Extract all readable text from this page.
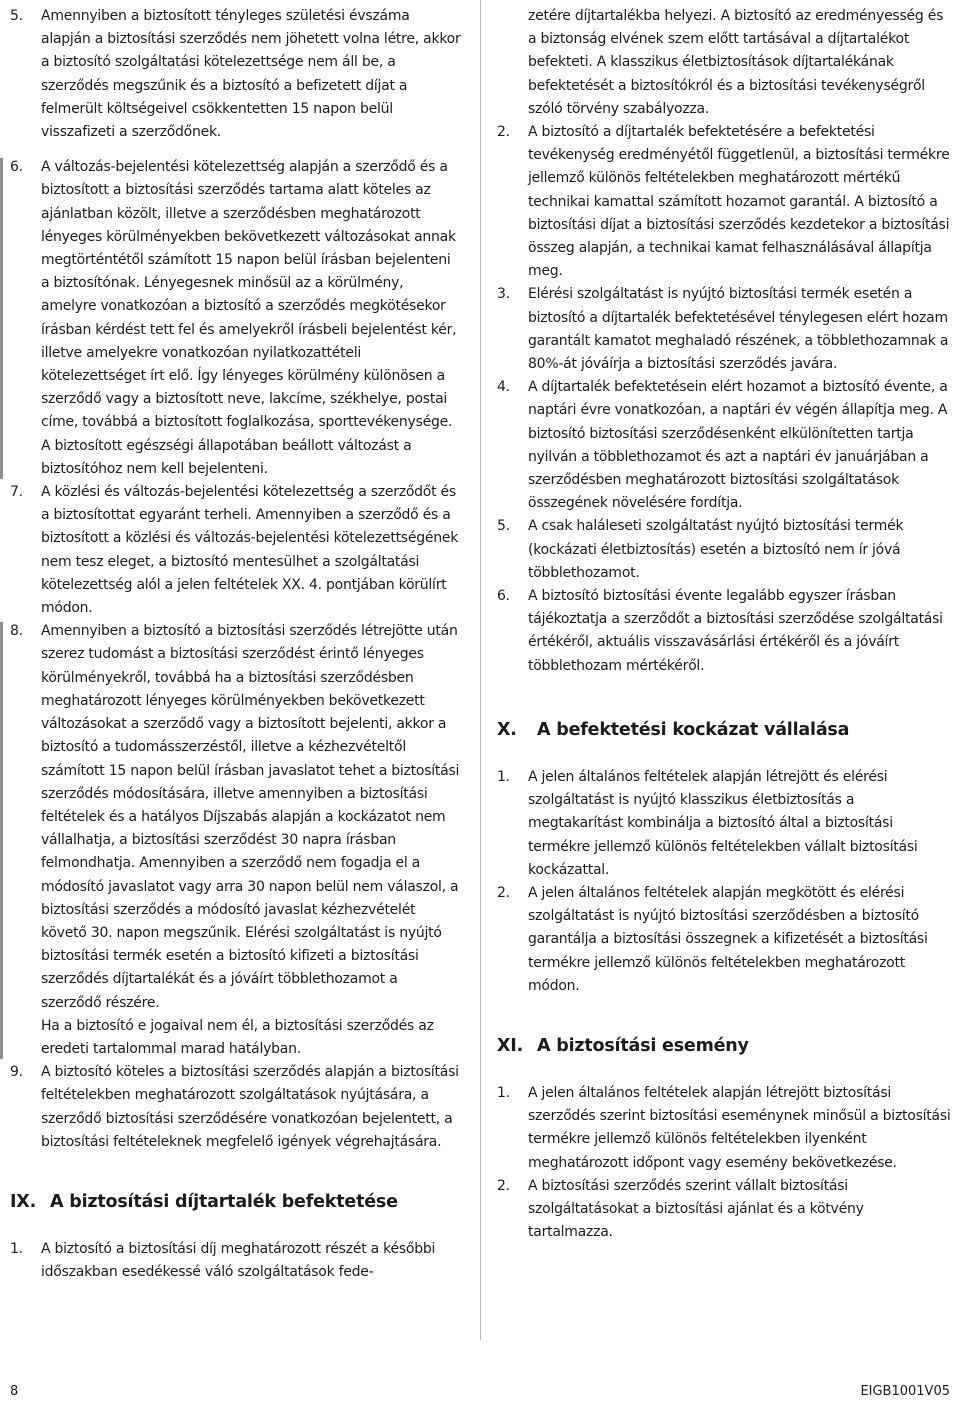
5. Amennyiben a biztosított tényleges születési évszáma alapján a biztosítási szerződés nem jöhetett volna létre, akkor a biztosító szolgáltatási kötelezettsége nem áll be, a szerződés megszűnik és a biztosító a befizetett díjat a felmerült költségeivel csökkentetten 15 napon belül visszafizeti a szerződőnek.

6. A változás-bejelentési kötelezettség alapján a szerződő és a biztosított a biztosítási szerződés tartama alatt köteles az ajánlatban közölt, illetve a szerződésben meghatározott lényeges körülményekben bekövetkezett változásokat annak megtörténtétől számított 15 napon belül írásban bejelenteni a biztosítónak. Lényegesnek minősül az a körülmény, amelyre vonatkozóan a biztosító a szerződés megkötésekor írásban kérdést tett fel és amelyekről írásbeli bejelentést kér, illetve amelyekre vonatkozóan nyilatkozattételi kötelezettséget írt elő. Így lényeges körülmény különösen a szerződő vagy a biztosított neve, lakcíme, székhelye, postai címe, továbbá a biztosított foglalkozása, sporttevékenysége. A biztosított egészségi állapotában beállott változást a biztosítóhoz nem kell bejelenteni.

7. A közlési és változás-bejelentési kötelezettség a szerződőt és a biztosítottat egyaránt terheli. Amennyiben a szerződő és a biztosított a közlési és változás-bejelentési kötelezettségének nem tesz eleget, a biztosító mentesülhet a szolgáltatási kötelezettség alól a jelen feltételek XX. 4. pontjában körülírt módon.

8. Amennyiben a biztosító a biztosítási szerződés létrejötte után szerez tudomást a biztosítási szerződést érintő lényeges körülményekről, továbbá ha a biztosítási szerződésben meghatározott lényeges körülményekben bekövetkezett változásokat a szerződő vagy a biztosított bejelenti, akkor a biztosító a tudomásszerzéstől, illetve a kézhezvételtől számított 15 napon belül írásban javaslatot tehet a biztosítási szerződés módosítására, illetve amennyiben a biztosítási feltételek és a hatályos Díjszabás alapján a kockázatot nem vállalhatja, a biztosítási szerződést 30 napra írásban felmondhatja. Amennyiben a szerződő nem fogadja el a módosító javaslatot vagy arra 30 napon belül nem válaszol, a biztosítási szerződés a módosító javaslat kézhezvételét követő 30. napon megszűnik. Elérési szolgáltatást is nyújtó biztosítási termék esetén a biztosító kifizeti a biztosítási szerződés díjtartalékát és a jóváírt többlethozamot a szerződő részére.

Ha a biztosító e jogaival nem él, a biztosítási szerződés az eredeti tartalommal marad hatályban.

9. A biztosító köteles a biztosítási szerződés alapján a biztosítási feltételekben meghatározott szolgáltatások nyújtására, a szerződő biztosítási szerződésére vonatkozóan bejelentett, a biztosítási feltételeknek megfelelő igények végrehajtására.

IX. A biztosítási díjtartalék befektetése
1. A biztosító a biztosítási díj meghatározott részét a későbbi időszakban esedékessé váló szolgáltatások fede-

zetére díjtartalékba helyezi. A biztosító az eredményesség és a biztonság elvének szem előtt tartásával a díjtartalékot befekteti. A klasszikus életbiztosítások díjtartalékának befektetését a biztosítókról és a biztosítási tevékenységről szóló törvény szabályozza.

2. A biztosító a díjtartalék befektetésére a befektetési tevékenység eredményétől függetlenül, a biztosítási termékre jellemző különös feltételekben meghatározott mértékű technikai kamattal számított hozamot garantál. A biztosító a biztosítási díjat a biztosítási szerződés kezdetekor a biztosítási összeg alapján, a technikai kamat felhasználásával állapítja meg.

3. Elérési szolgáltatást is nyújtó biztosítási termék esetén a biztosító a díjtartalék befektetésével ténylegesen elért hozam garantált kamatot meghaladó részének, a többlethozamnak a 80%-át jóváírja a biztosítási szerződés javára.

4. A díjtartalék befektetésein elért hozamot a biztosító évente, a naptári évre vonatkozóan, a naptári év végén állapítja meg. A biztosító biztosítási szerződésenként elkülönítetten tartja nyilván a többlethozamot és azt a naptári év januárjában a szerződésben meghatározott biztosítási szolgáltatások összegének növelésére fordítja.

5. A csak haláleseti szolgáltatást nyújtó biztosítási termék (kockázati életbiztosítás) esetén a biztosító nem ír jóvá többlethozamot.

6. A biztosító biztosítási évente legalább egyszer írásban tájékoztatja a szerződőt a biztosítási szerződése szolgáltatási értékéről, aktuális visszavásárlási értékéről és a jóváírt többlethozam mértékéről.

X. A befektetési kockázat vállalása
1. A jelen általános feltételek alapján létrejött és elérési szolgáltatást is nyújtó klasszikus életbiztosítás a megtakarítást kombinálja a biztosító által a biztosítási termékre jellemző különös feltételekben vállalt biztosítási kockázattal.

2. A jelen általános feltételek alapján megkötött és elérési szolgáltatást is nyújtó biztosítási szerződésben a biztosító garantálja a biztosítási összegnek a kifizetését a biztosítási termékre jellemző különös feltételekben meghatározott módon.

XI. A biztosítási esemény
1. A jelen általános feltételek alapján létrejött biztosítási szerződés szerint biztosítási eseménynek minősül a biztosítási termékre jellemző különös feltételekben ilyenként meghatározott időpont vagy esemény bekövetkezése.

2. A biztosítási szerződés szerint vállalt biztosítási szolgáltatásokat a biztosítási ajánlat és a kötvény tartalmazza.

8	EIGB1001V05
